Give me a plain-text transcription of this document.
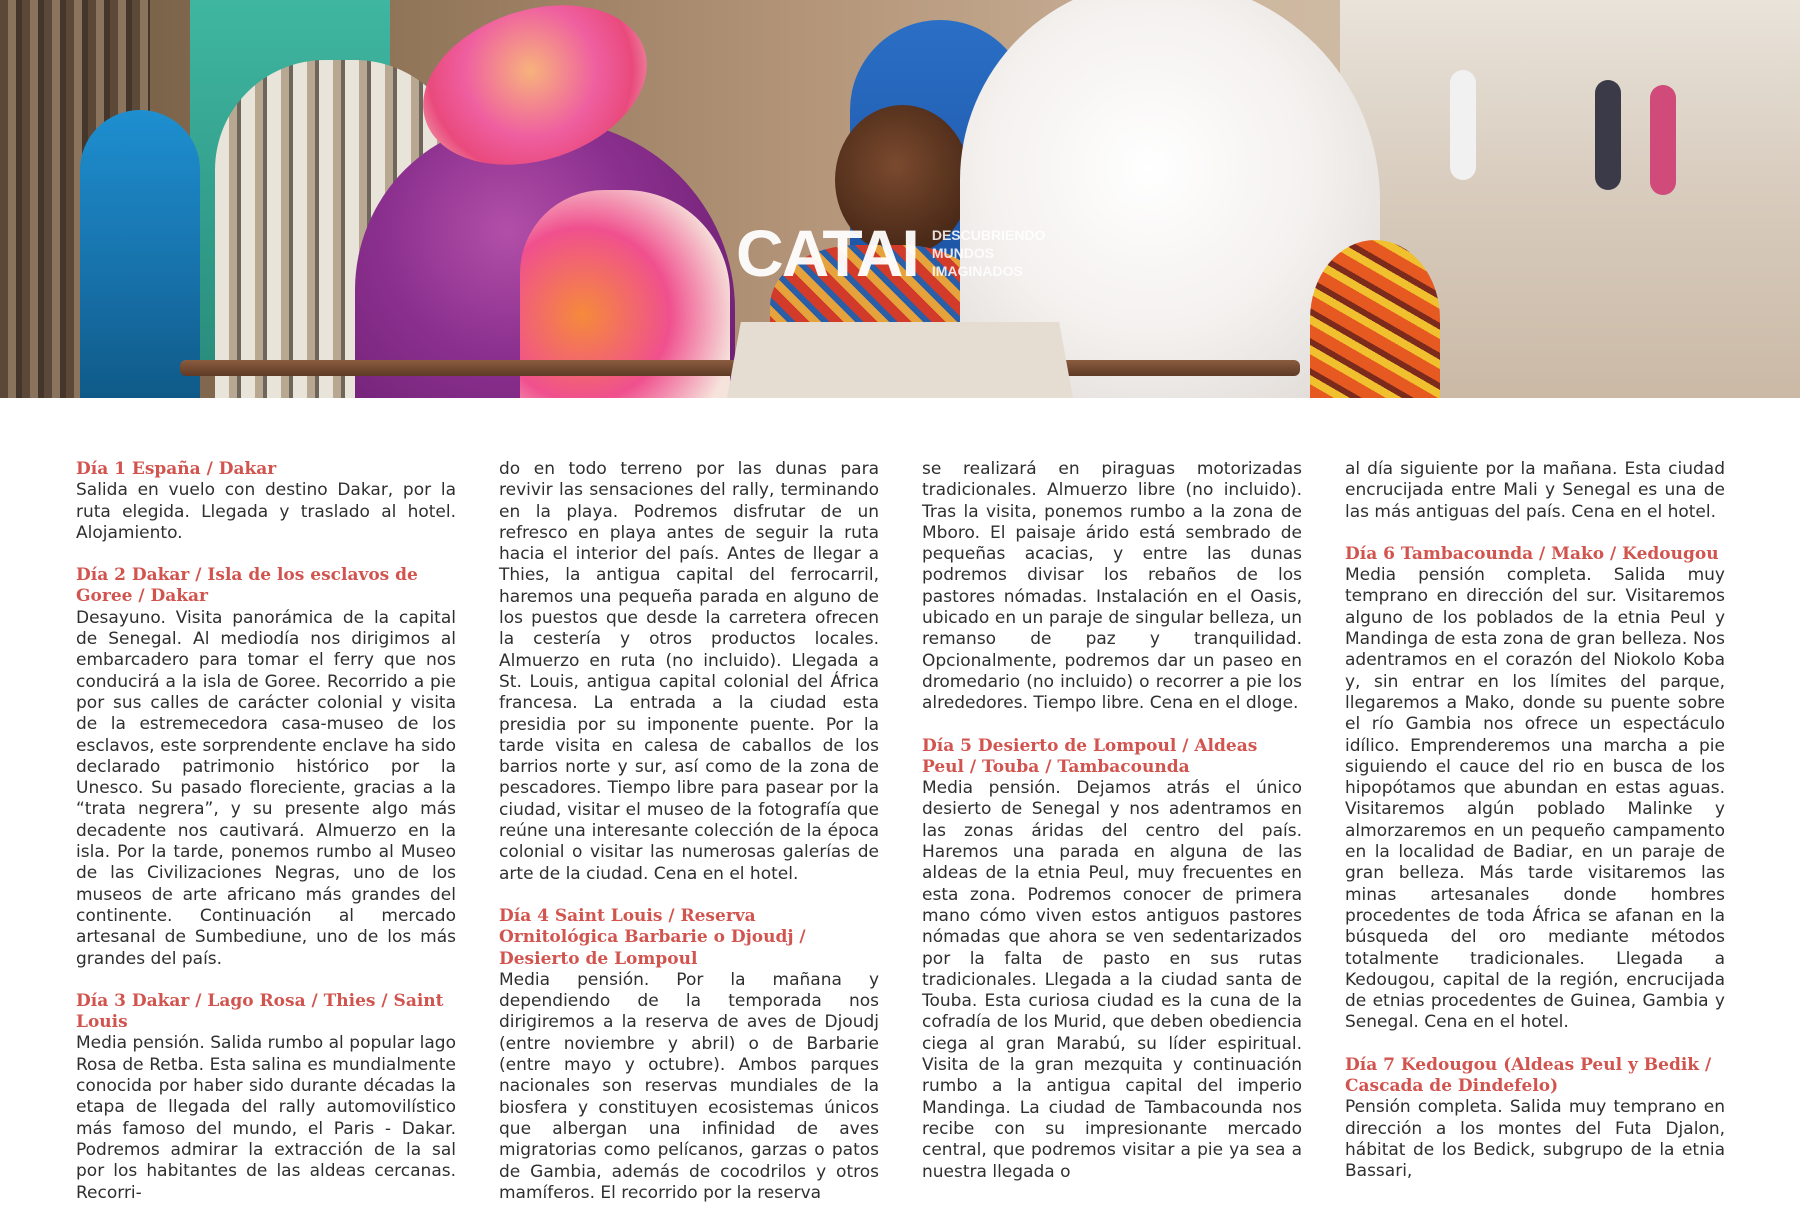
CATAI DESCUBRIENDO
MUNDOS
IMAGINADOS
Día 1 España / Dakar
Salida en vuelo con destino Dakar, por la ruta elegida. Llegada y traslado al hotel. Alojamiento.
Día 2 Dakar / Isla de los esclavos de Goree / Dakar
Desayuno. Visita panorámica de la capital de Senegal. Al mediodía nos dirigimos al embarcadero para tomar el ferry que nos conducirá a la isla de Goree. Recorrido a pie por sus calles de carácter colonial y visita de la estremecedora casa-museo de los esclavos, este sorprendente enclave ha sido declarado patrimonio histórico por la Unesco. Su pasado floreciente, gracias a la “trata negrera”, y su presente algo más decadente nos cautivará. Almuerzo en la isla. Por la tarde, ponemos rumbo al Museo de las Civilizaciones Negras, uno de los museos de arte africano más grandes del continente. Continuación al mercado artesanal de Sumbediune, uno de los más grandes del país.
Día 3 Dakar / Lago Rosa / Thies / Saint Louis
Media pensión. Salida rumbo al popular lago Rosa de Retba. Esta salina es mundialmente conocida por haber sido durante décadas la etapa de llegada del rally automovilístico más famoso del mundo, el Paris - Dakar. Podremos admirar la extracción de la sal por los habitantes de las aldeas cercanas. Recorri-
do en todo terreno por las dunas para revivir las sensaciones del rally, terminando en la playa. Podremos disfrutar de un refresco en playa antes de seguir la ruta hacia el interior del país. Antes de llegar a Thies, la antigua capital del ferrocarril, haremos una pequeña parada en alguno de los puestos que desde la carretera ofrecen la cestería y otros productos locales. Almuerzo en ruta (no incluido). Llegada a St. Louis, antigua capital colonial del África francesa. La entrada a la ciudad esta presidia por su imponente puente. Por la tarde visita en calesa de caballos de los barrios norte y sur, así como de la zona de pescadores. Tiempo libre para pasear por la ciudad, visitar el museo de la fotografía que reúne una interesante colección de la época colonial o visitar las numerosas galerías de arte de la ciudad. Cena en el hotel.
Día 4 Saint Louis / Reserva Ornitológica Barbarie o Djoudj / Desierto de Lompoul
Media pensión. Por la mañana y dependiendo de la temporada nos dirigiremos a la reserva de aves de Djoudj (entre noviembre y abril) o de Barbarie (entre mayo y octubre). Ambos parques nacionales son reservas mundiales de la biosfera y constituyen ecosistemas únicos que albergan una infinidad de aves migratorias como pelícanos, garzas o patos de Gambia, además de cocodrilos y otros mamíferos. El recorrido por la reserva
se realizará en piraguas motorizadas tradicionales. Almuerzo libre (no incluido). Tras la visita, ponemos rumbo a la zona de Mboro. El paisaje árido está sembrado de pequeñas acacias, y entre las dunas podremos divisar los rebaños de los pastores nómadas. Instalación en el Oasis, ubicado en un paraje de singular belleza, un remanso de paz y tranquilidad. Opcionalmente, podremos dar un paseo en dromedario (no incluido) o recorrer a pie los alrededores. Tiempo libre. Cena en el dloge.
Día 5 Desierto de Lompoul / Aldeas Peul / Touba / Tambacounda
Media pensión. Dejamos atrás el único desierto de Senegal y nos adentramos en las zonas áridas del centro del país. Haremos una parada en alguna de las aldeas de la etnia Peul, muy frecuentes en esta zona. Podremos conocer de primera mano cómo viven estos antiguos pastores nómadas que ahora se ven sedentarizados por la falta de pasto en sus rutas tradicionales. Llegada a la ciudad santa de Touba. Esta curiosa ciudad es la cuna de la cofradía de los Murid, que deben obediencia ciega al gran Marabú, su líder espiritual. Visita de la gran mezquita y continuación rumbo a la antigua capital del imperio Mandinga. La ciudad de Tambacounda nos recibe con su impresionante mercado central, que podremos visitar a pie ya sea a nuestra llegada o
al día siguiente por la mañana. Esta ciudad encrucijada entre Mali y Senegal es una de las más antiguas del país. Cena en el hotel.
Día 6 Tambacounda / Mako / Kedougou
Media pensión completa. Salida muy temprano en dirección del sur. Visitaremos alguno de los poblados de la etnia Peul y Mandinga de esta zona de gran belleza. Nos adentramos en el corazón del Niokolo Koba y, sin entrar en los límites del parque, llegaremos a Mako, donde su puente sobre el río Gambia nos ofrece un espectáculo idílico. Emprenderemos una marcha a pie siguiendo el cauce del rio en busca de los hipopótamos que abundan en estas aguas. Visitaremos algún poblado Malinke y almorzaremos en un pequeño campamento en la localidad de Badiar, en un paraje de gran belleza. Más tarde visitaremos las minas artesanales donde hombres procedentes de toda África se afanan en la búsqueda del oro mediante métodos totalmente tradicionales. Llegada a Kedougou, capital de la región, encrucijada de etnias procedentes de Guinea, Gambia y Senegal. Cena en el hotel.
Día 7 Kedougou (Aldeas Peul y Bedik / Cascada de Dindefelo)
Pensión completa. Salida muy temprano en dirección a los montes del Futa Djalon, hábitat de los Bedick, subgrupo de la etnia Bassari,
